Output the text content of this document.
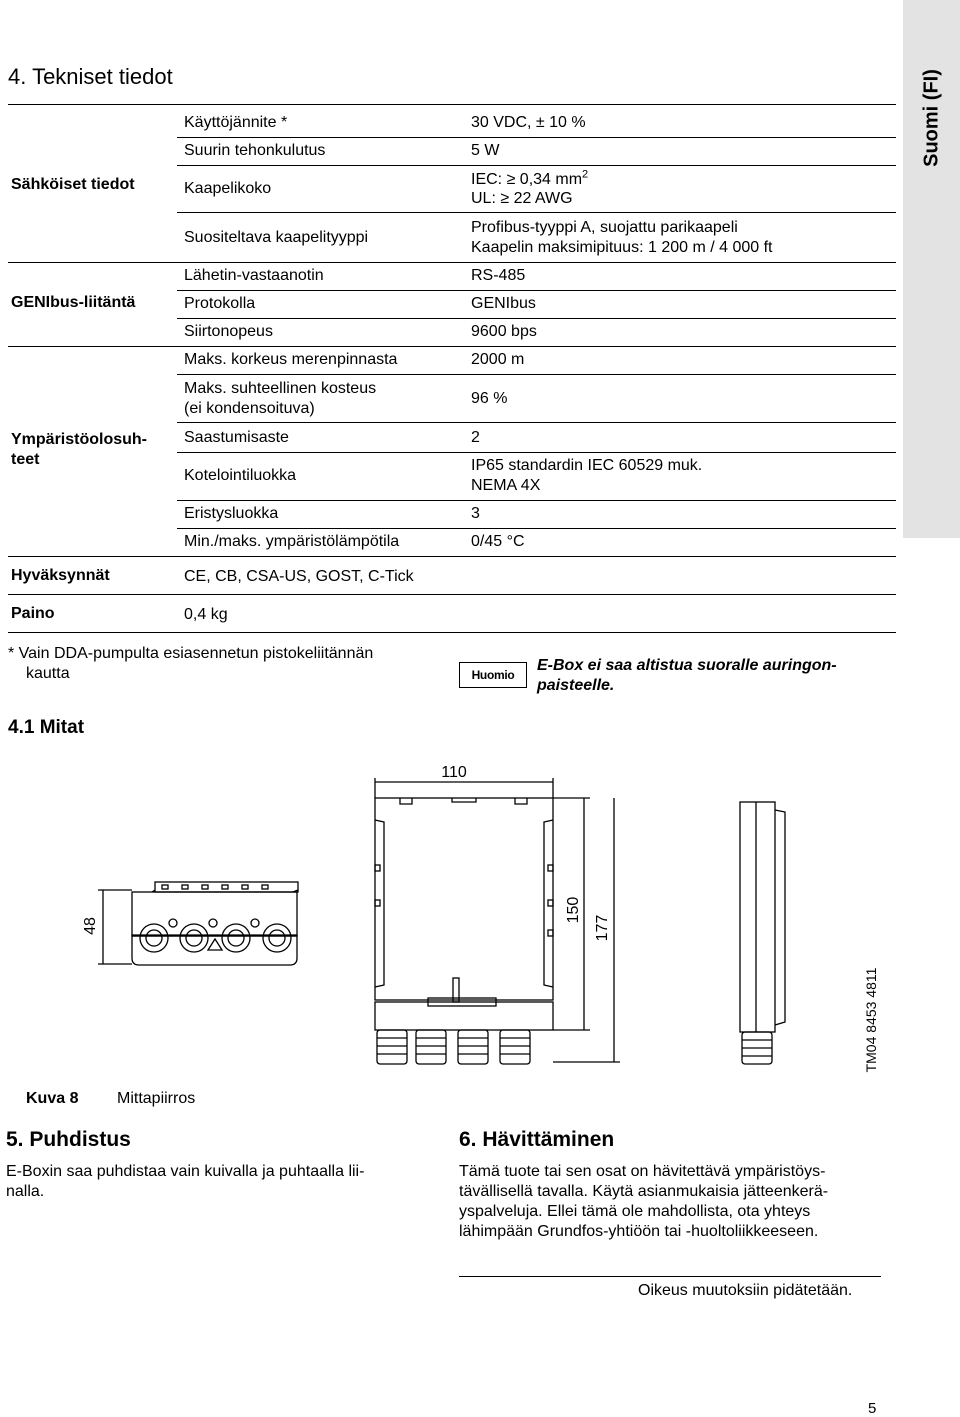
Suomi (FI)
4. Tekniset tiedot
Sähköiset tiedot
GENIbus-liitäntä
Ympäristöolosuh-
teet
Hyväksynnät
Paino
Käyttöjännite *
Suurin tehonkulutus
Kaapelikoko
Suositeltava kaapelityyppi
Lähetin-vastaanotin
Protokolla
Siirtonopeus
Maks. korkeus merenpinnasta
Maks. suhteellinen kosteus
(ei kondensoituva)
Saastumisaste
Kotelointiluokka
Eristysluokka
Min./maks. ympäristölämpötila
30 VDC, ± 10 %
5 W
IEC: ≥ 0,34 $mm^2$
UL: ≥ 22 AWG
Profibus-tyyppi A, suojattu parikaapeli
Kaapelin maksimipituus: 1 200 m / 4 000 ft
RS-485
GENIbus
9600 bps
2000 m
96 %
2
IP65 standardin IEC 60529 muk.
NEMA 4X
3
0/45 °C
CE, CB, CSA-US, GOST, C-Tick
0,4 kg
* Vain DDA-pumpulta esiasennetun pistokeliitännän
kautta	Huomio
E-Box ei saa altistua suoralle auringon-
paisteelle.
4.1 Mitat
110
48
150
177
TM04 8453 4811
Kuva 8 Mittapiirros
5. Puhdistus
E-Boxin saa puhdistaa vain kuivalla ja puhtaalla lii-
nalla.
6. Hävittäminen
Tämä tuote tai sen osat on hävitettävä ympäristöys-
tävällisellä tavalla. Käytä asianmukaisia jätteenkerä-
yspalveluja. Ellei tämä ole mahdollista, ota yhteys
lähimpään Grundfos-yhtiöön tai -huoltoliikkeeseen.
Oikeus muutoksiin pidätetään.
5
